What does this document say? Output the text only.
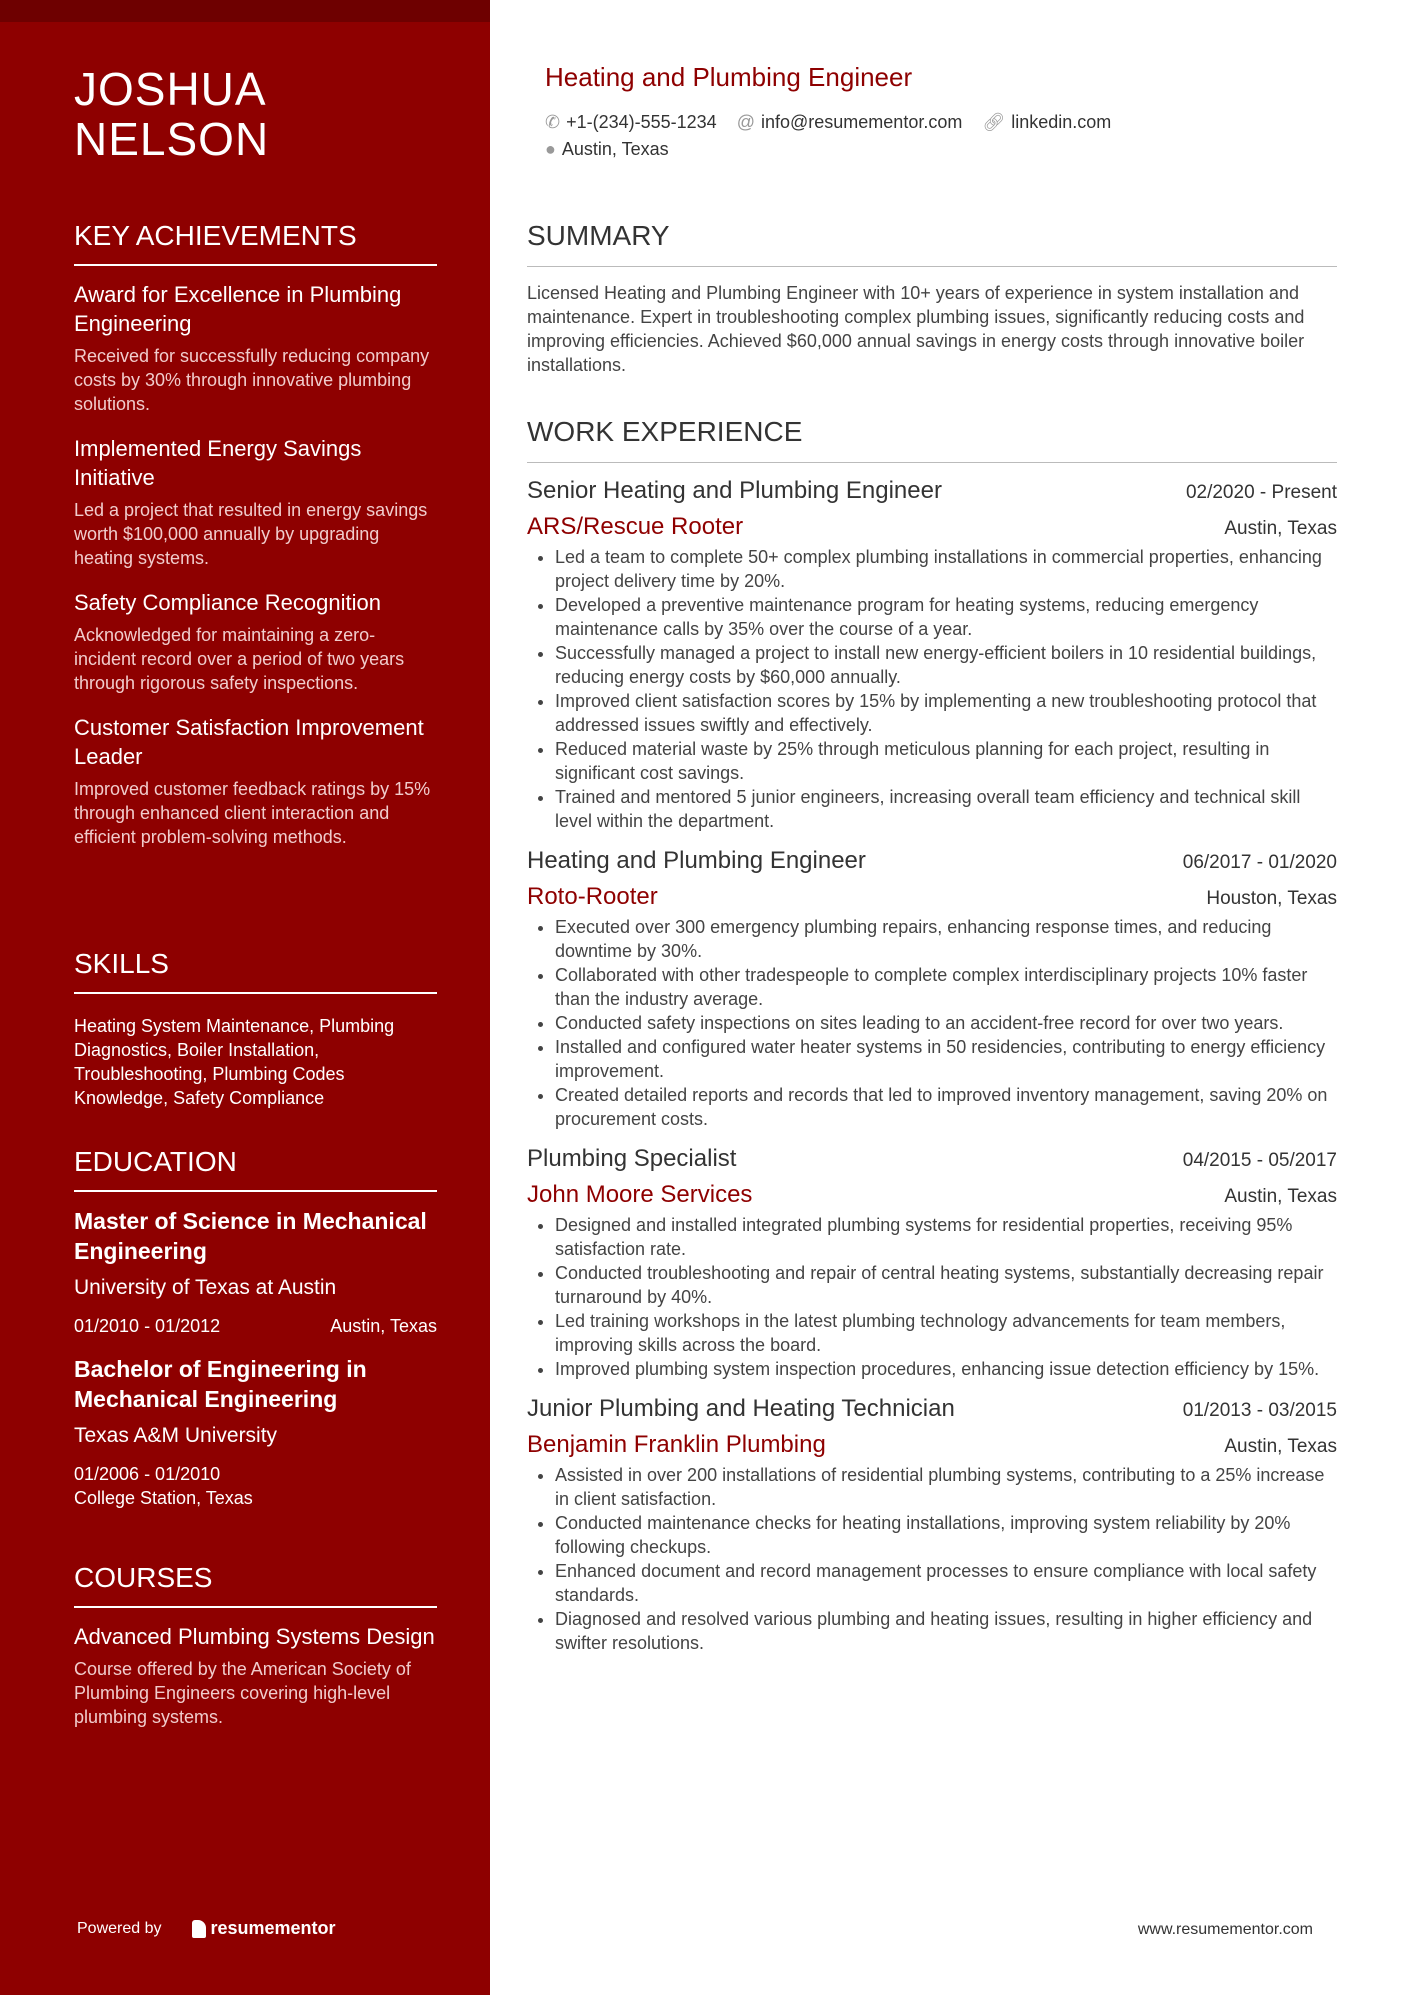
JOSHUA
NELSON
KEY ACHIEVEMENTS
Award for Excellence in Plumbing Engineering
Received for successfully reducing company costs by 30% through innovative plumbing solutions.
Implemented Energy Savings Initiative
Led a project that resulted in energy savings worth $100,000 annually by upgrading heating systems.
Safety Compliance Recognition
Acknowledged for maintaining a zero-incident record over a period of two years through rigorous safety inspections.
Customer Satisfaction Improvement Leader
Improved customer feedback ratings by 15% through enhanced client interaction and efficient problem-solving methods.
SKILLS
Heating System Maintenance, Plumbing Diagnostics, Boiler Installation, Troubleshooting, Plumbing Codes Knowledge, Safety Compliance
EDUCATION
Master of Science in Mechanical Engineering
University of Texas at Austin
01/2010 - 01/2012	Austin, Texas
Bachelor of Engineering in Mechanical Engineering
Texas A&M University
01/2006 - 01/2010
College Station, Texas
COURSES
Advanced Plumbing Systems Design
Course offered by the American Society of Plumbing Engineers covering high-level plumbing systems.
Powered by	resumementor
Heating and Plumbing Engineer
✆ +1-(234)-555-1234 @ info@resumementor.com 🔗︎ linkedin.com
● Austin, Texas
SUMMARY
Licensed Heating and Plumbing Engineer with 10+ years of experience in system installation and maintenance. Expert in troubleshooting complex plumbing issues, significantly reducing costs and improving efficiencies. Achieved $60,000 annual savings in energy costs through innovative boiler installations.
WORK EXPERIENCE
Senior Heating and Plumbing Engineer	02/2020 - Present
ARS/Rescue Rooter	Austin, Texas
• Led a team to complete 50+ complex plumbing installations in commercial properties, enhancing project delivery time by 20%.
• Developed a preventive maintenance program for heating systems, reducing emergency maintenance calls by 35% over the course of a year.
• Successfully managed a project to install new energy-efficient boilers in 10 residential buildings, reducing energy costs by $60,000 annually.
• Improved client satisfaction scores by 15% by implementing a new troubleshooting protocol that addressed issues swiftly and effectively.
• Reduced material waste by 25% through meticulous planning for each project, resulting in significant cost savings.
• Trained and mentored 5 junior engineers, increasing overall team efficiency and technical skill level within the department.
Heating and Plumbing Engineer	06/2017 - 01/2020
Roto-Rooter	Houston, Texas
• Executed over 300 emergency plumbing repairs, enhancing response times, and reducing downtime by 30%.
• Collaborated with other tradespeople to complete complex interdisciplinary projects 10% faster than the industry average.
• Conducted safety inspections on sites leading to an accident-free record for over two years.
• Installed and configured water heater systems in 50 residencies, contributing to energy efficiency improvement.
• Created detailed reports and records that led to improved inventory management, saving 20% on procurement costs.
Plumbing Specialist	04/2015 - 05/2017
John Moore Services	Austin, Texas
• Designed and installed integrated plumbing systems for residential properties, receiving 95% satisfaction rate.
• Conducted troubleshooting and repair of central heating systems, substantially decreasing repair turnaround by 40%.
• Led training workshops in the latest plumbing technology advancements for team members, improving skills across the board.
• Improved plumbing system inspection procedures, enhancing issue detection efficiency by 15%.
Junior Plumbing and Heating Technician	01/2013 - 03/2015
Benjamin Franklin Plumbing	Austin, Texas
• Assisted in over 200 installations of residential plumbing systems, contributing to a 25% increase in client satisfaction.
• Conducted maintenance checks for heating installations, improving system reliability by 20% following checkups.
• Enhanced document and record management processes to ensure compliance with local safety standards.
• Diagnosed and resolved various plumbing and heating issues, resulting in higher efficiency and swifter resolutions.
www.resumementor.com
